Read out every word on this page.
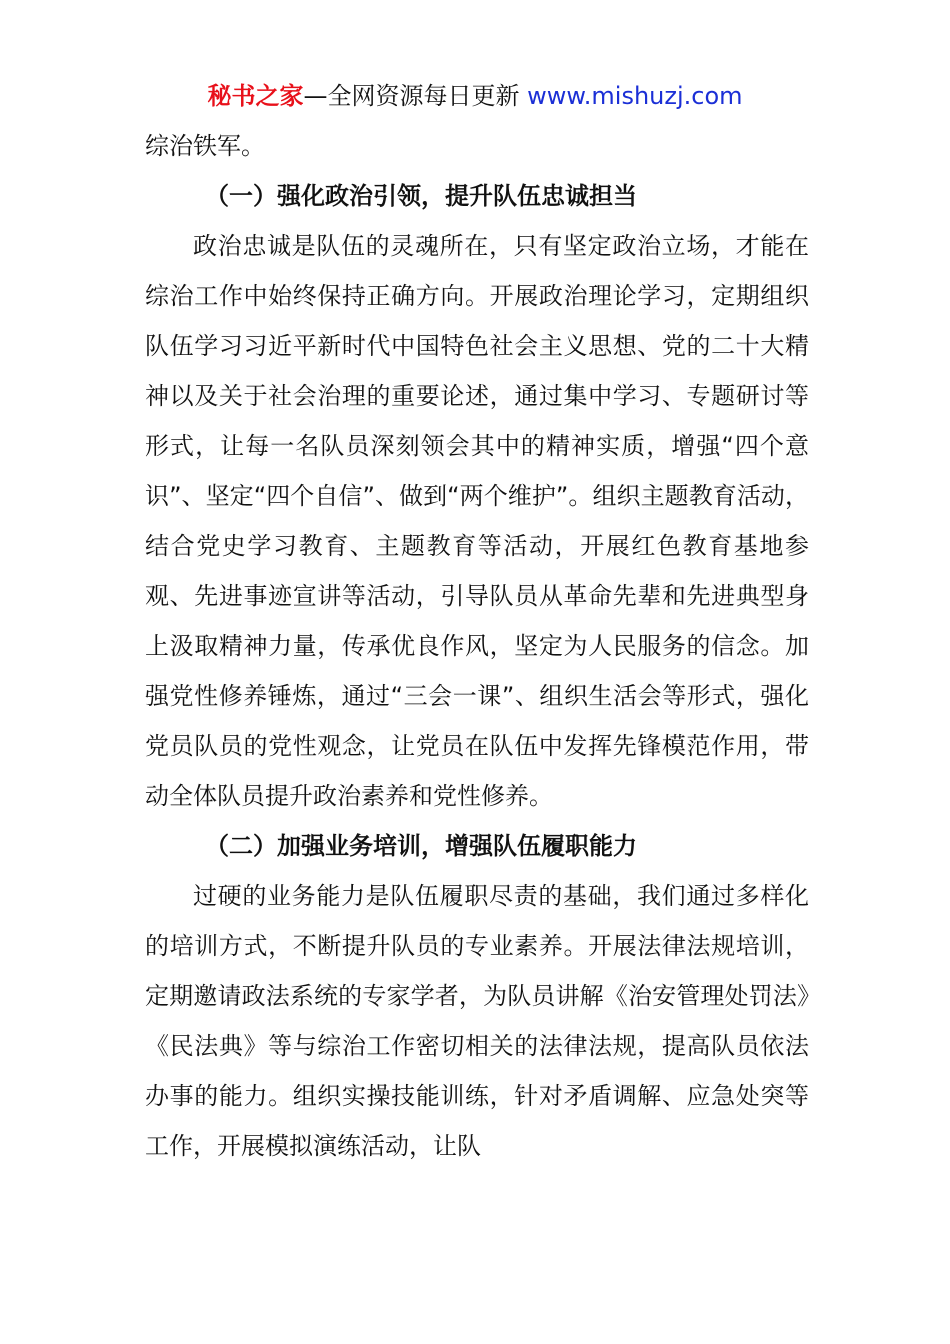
秘书之家—全网资源每日更新 www.mishuzj.com

综治铁军。

（一）强化政治引领，提升队伍忠诚担当

政治忠诚是队伍的灵魂所在，只有坚定政治立场，才能在综治工作中始终保持正确方向。开展政治理论学习，定期组织队伍学习习近平新时代中国特色社会主义思想、党的二十大精神以及关于社会治理的重要论述，通过集中学习、专题研讨等形式，让每一名队员深刻领会其中的精神实质，增强“四个意识”、坚定“四个自信”、做到“两个维护”。组织主题教育活动，结合党史学习教育、主题教育等活动，开展红色教育基地参观、先进事迹宣讲等活动，引导队员从革命先辈和先进典型身上汲取精神力量，传承优良作风，坚定为人民服务的信念。加强党性修养锤炼，通过“三会一课”、组织生活会等形式，强化党员队员的党性观念，让党员在队伍中发挥先锋模范作用，带动全体队员提升政治素养和党性修养。

（二）加强业务培训，增强队伍履职能力

过硬的业务能力是队伍履职尽责的基础，我们通过多样化的培训方式，不断提升队员的专业素养。开展法律法规培训，定期邀请政法系统的专家学者，为队员讲解《治安管理处罚法》《民法典》等与综治工作密切相关的法律法规，提高队员依法办事的能力。组织实操技能训练，针对矛盾调解、应急处突等工作，开展模拟演练活动，让队
